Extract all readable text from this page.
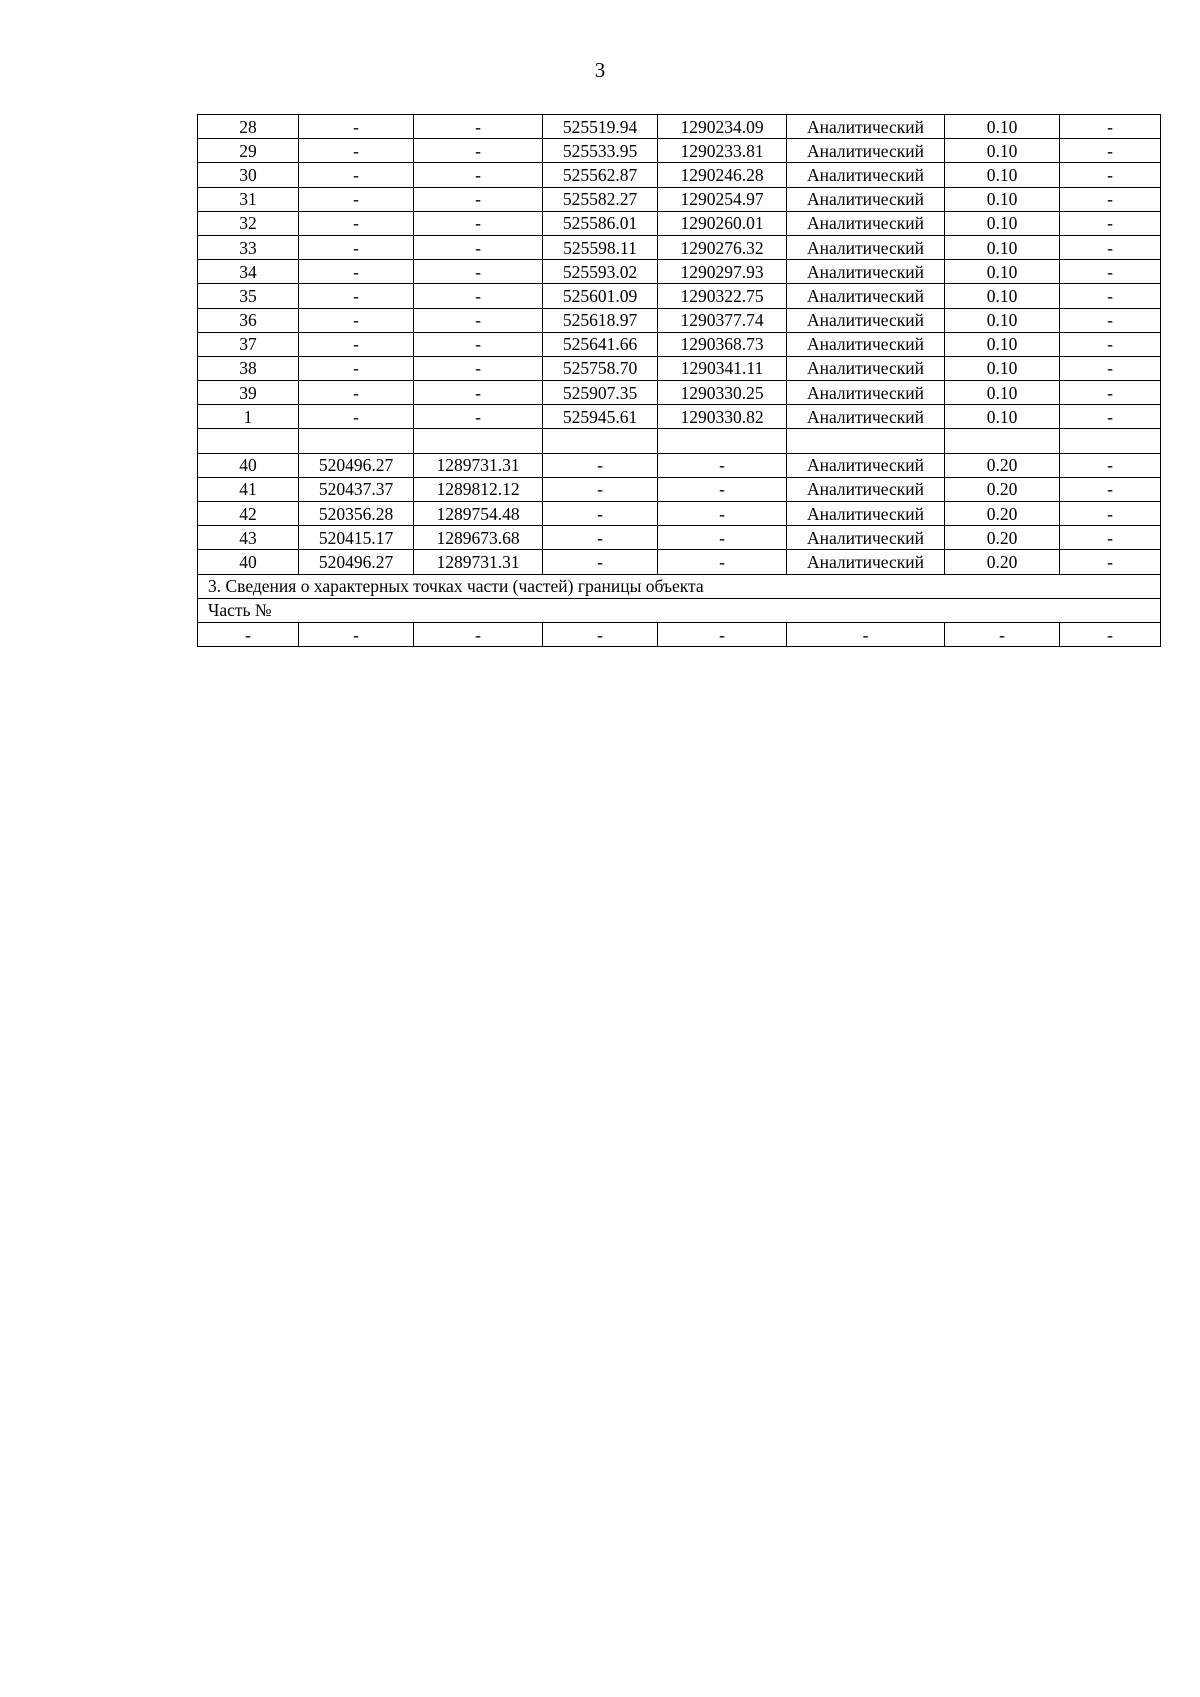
3
28	-	-	525519.94	1290234.09	Аналитический	0.10	-
29	-	-	525533.95	1290233.81	Аналитический	0.10	-
30	-	-	525562.87	1290246.28	Аналитический	0.10	-
31	-	-	525582.27	1290254.97	Аналитический	0.10	-
32	-	-	525586.01	1290260.01	Аналитический	0.10	-
33	-	-	525598.11	1290276.32	Аналитический	0.10	-
34	-	-	525593.02	1290297.93	Аналитический	0.10	-
35	-	-	525601.09	1290322.75	Аналитический	0.10	-
36	-	-	525618.97	1290377.74	Аналитический	0.10	-
37	-	-	525641.66	1290368.73	Аналитический	0.10	-
38	-	-	525758.70	1290341.11	Аналитический	0.10	-
39	-	-	525907.35	1290330.25	Аналитический	0.10	-
1	-	-	525945.61	1290330.82	Аналитический	0.10	-

40	520496.27	1289731.31	-	-	Аналитический	0.20	-
41	520437.37	1289812.12	-	-	Аналитический	0.20	-
42	520356.28	1289754.48	-	-	Аналитический	0.20	-
43	520415.17	1289673.68	-	-	Аналитический	0.20	-
40	520496.27	1289731.31	-	-	Аналитический	0.20	-
3. Сведения о характерных точках части (частей) границы объекта							
Часть №							
-	-	-	-	-	-	-	-
